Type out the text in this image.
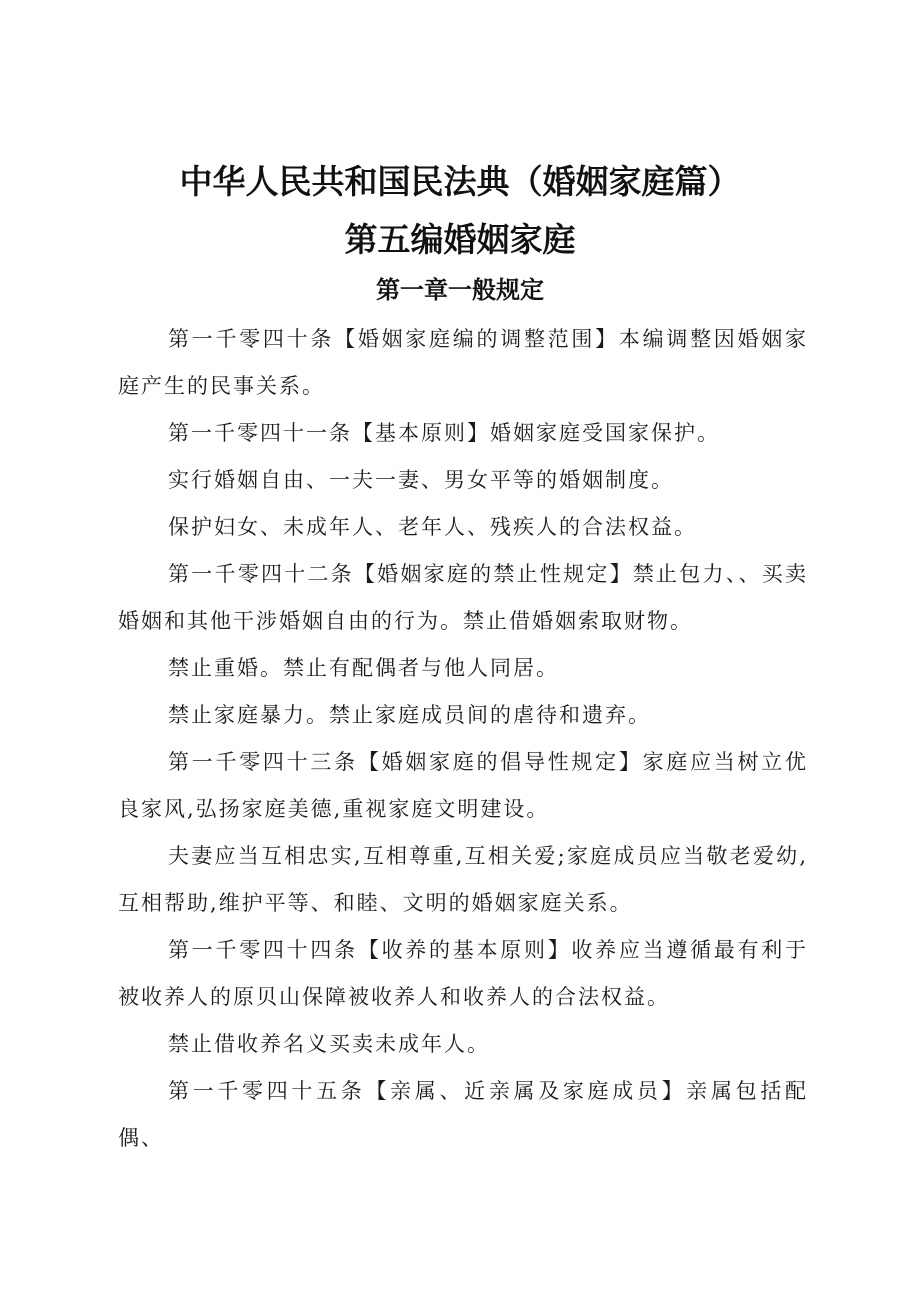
中华人民共和国民法典（婚姻家庭篇）
第五编婚姻家庭
第一章一般规定

第一千零四十条【婚姻家庭编的调整范围】本编调整因婚姻家庭产生的民事关系。

第一千零四十一条【基本原则】婚姻家庭受国家保护。

实行婚姻自由、一夫一妻、男女平等的婚姻制度。

保护妇女、未成年人、老年人、残疾人的合法权益。

第一千零四十二条【婚姻家庭的禁止性规定】禁止包力、、买卖婚姻和其他干涉婚姻自由的行为。禁止借婚姻索取财物。

禁止重婚。禁止有配偶者与他人同居。

禁止家庭暴力。禁止家庭成员间的虐待和遗弃。

第一千零四十三条【婚姻家庭的倡导性规定】家庭应当树立优良家风,弘扬家庭美德,重视家庭文明建设。

夫妻应当互相忠实,互相尊重,互相关爱;家庭成员应当敬老爱幼,互相帮助,维护平等、和睦、文明的婚姻家庭关系。

第一千零四十四条【收养的基本原则】收养应当遵循最有利于被收养人的原贝山保障被收养人和收养人的合法权益。

禁止借收养名义买卖未成年人。

第一千零四十五条【亲属、近亲属及家庭成员】亲属包括配偶、
